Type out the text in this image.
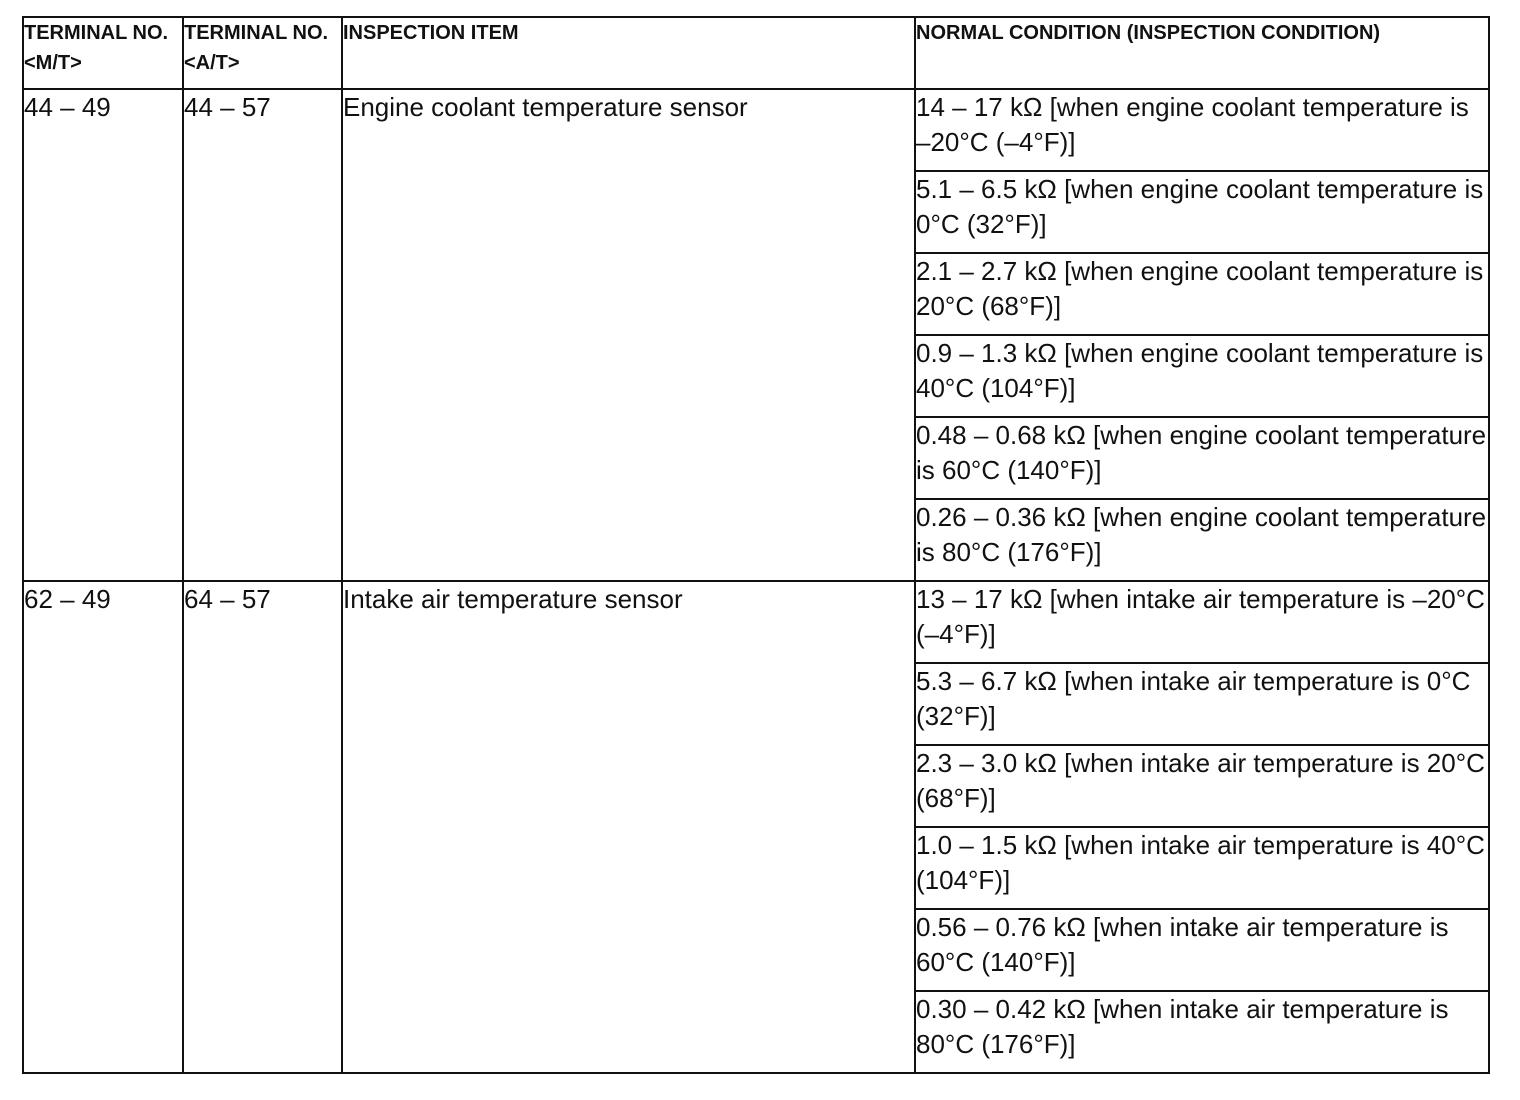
TERMINAL NO. <M/T>	TERMINAL NO. <A/T>	INSPECTION ITEM	NORMAL CONDITION (INSPECTION CONDITION)
44 – 49	44 – 57	Engine coolant temperature sensor	14 – 17 kΩ [when engine coolant temperature is –20°C (–4°F)]
			5.1 – 6.5 kΩ [when engine coolant temperature is 0°C (32°F)]
			2.1 – 2.7 kΩ [when engine coolant temperature is 20°C (68°F)]
			0.9 – 1.3 kΩ [when engine coolant temperature is 40°C (104°F)]
			0.48 – 0.68 kΩ [when engine coolant temperature is 60°C (140°F)]
			0.26 – 0.36 kΩ [when engine coolant temperature is 80°C (176°F)]
62 – 49	64 – 57	Intake air temperature sensor	13 – 17 kΩ [when intake air temperature is –20°C (–4°F)]
			5.3 – 6.7 kΩ [when intake air temperature is 0°C (32°F)]
			2.3 – 3.0 kΩ [when intake air temperature is 20°C (68°F)]
			1.0 – 1.5 kΩ [when intake air temperature is 40°C (104°F)]
			0.56 – 0.76 kΩ [when intake air temperature is 60°C (140°F)]
			0.30 – 0.42 kΩ [when intake air temperature is 80°C (176°F)]
